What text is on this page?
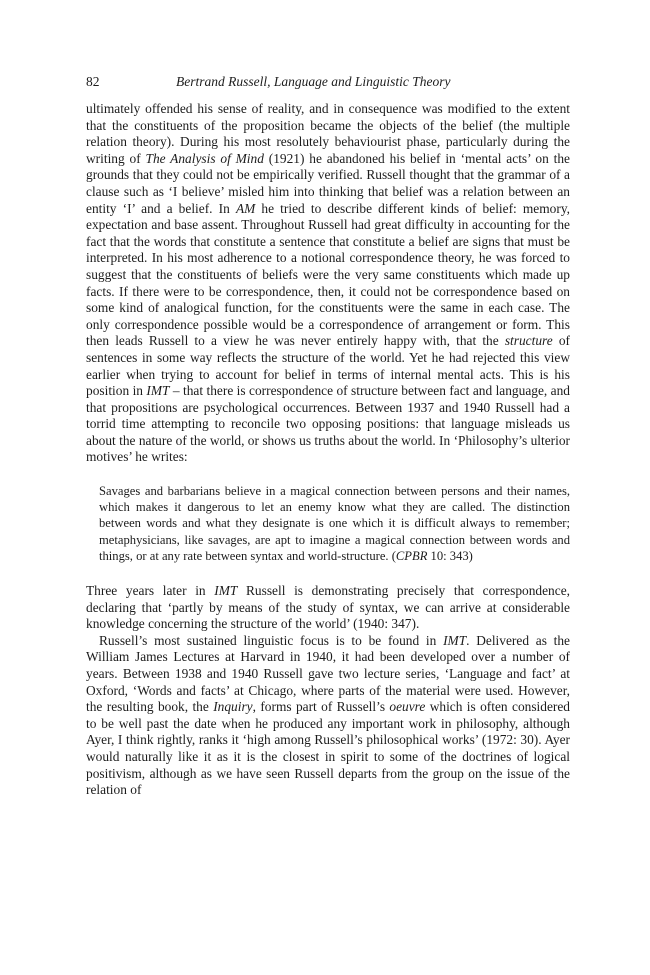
82	Bertrand Russell, Language and Linguistic Theory

ultimately offended his sense of reality, and in consequence was modified to the extent that the constituents of the proposition became the objects of the belief (the multiple relation theory). During his most resolutely behaviourist phase, particularly during the writing of The Analysis of Mind (1921) he abandoned his belief in ‘mental acts’ on the grounds that they could not be empirically verified. Russell thought that the grammar of a clause such as ‘I believe’ misled him into thinking that belief was a relation between an entity ‘I’ and a belief. In AM he tried to describe different kinds of belief: memory, expectation and base assent. Throughout Russell had great difficulty in accounting for the fact that the words that constitute a sentence that constitute a belief are signs that must be interpreted. In his most adherence to a notional correspondence theory, he was forced to suggest that the constituents of beliefs were the very same constituents which made up facts. If there were to be correspondence, then, it could not be correspondence based on some kind of analogical function, for the constituents were the same in each case. The only correspondence possible would be a correspondence of arrangement or form. This then leads Russell to a view he was never entirely happy with, that the structure of sentences in some way reflects the structure of the world. Yet he had rejected this view earlier when trying to account for belief in terms of internal mental acts. This is his position in IMT – that there is correspondence of structure between fact and language, and that propositions are psychological occurrences. Between 1937 and 1940 Russell had a torrid time attempting to reconcile two opposing positions: that language misleads us about the nature of the world, or shows us truths about the world. In ‘Philosophy’s ulterior motives’ he writes:

Savages and barbarians believe in a magical connection between persons and their names, which makes it dangerous to let an enemy know what they are called. The distinction between words and what they designate is one which it is difficult always to remember; metaphysicians, like savages, are apt to imagine a magical connection between words and things, or at any rate between syntax and world-structure. (CPBR 10: 343)

Three years later in IMT Russell is demonstrating precisely that correspondence, declaring that ‘partly by means of the study of syntax, we can arrive at considerable knowledge concerning the structure of the world’ (1940: 347).

Russell’s most sustained linguistic focus is to be found in IMT. Delivered as the William James Lectures at Harvard in 1940, it had been developed over a number of years. Between 1938 and 1940 Russell gave two lecture series, ‘Language and fact’ at Oxford, ‘Words and facts’ at Chicago, where parts of the material were used. However, the resulting book, the Inquiry, forms part of Russell’s oeuvre which is often considered to be well past the date when he produced any important work in philosophy, although Ayer, I think rightly, ranks it ‘high among Russell’s philosophical works’ (1972: 30). Ayer would naturally like it as it is the closest in spirit to some of the doctrines of logical positivism, although as we have seen Russell departs from the group on the issue of the relation of
